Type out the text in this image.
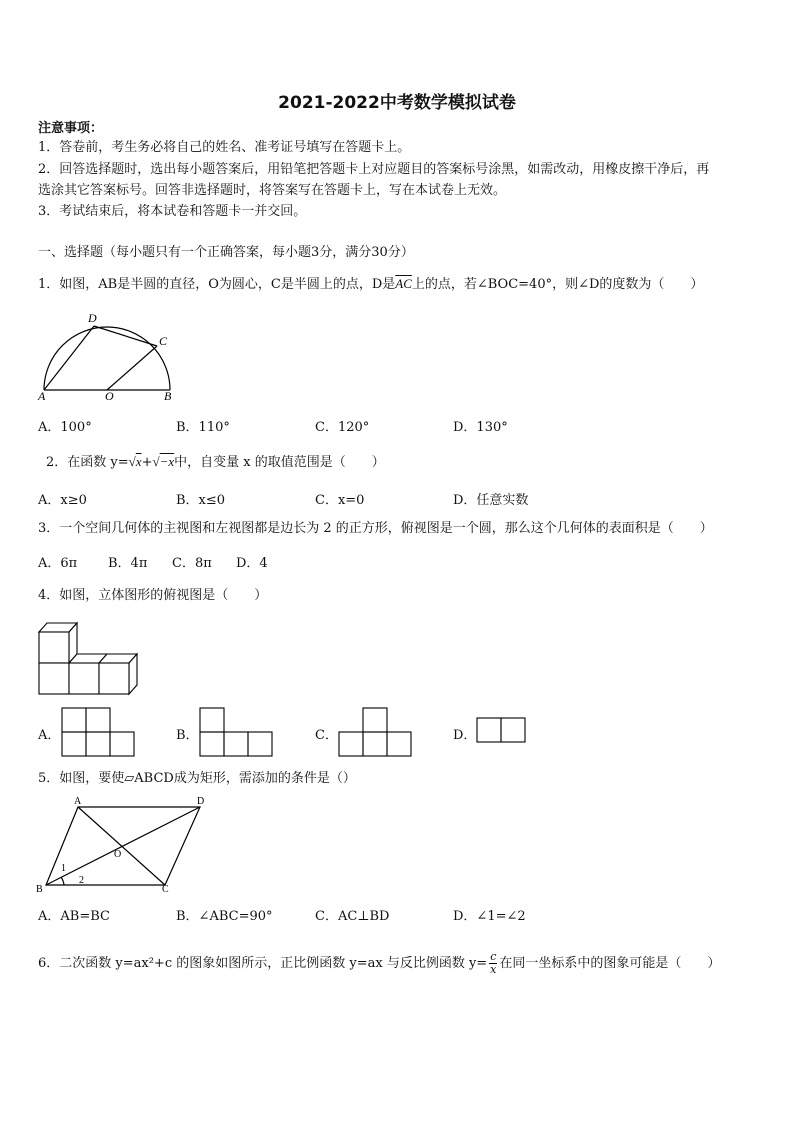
2021-2022中考数学模拟试卷
注意事项：
1．答卷前，考生务必将自己的姓名、准考证号填写在答题卡上。
2．回答选择题时，选出每小题答案后，用铅笔把答题卡上对应题目的答案标号涂黑，如需改动，用橡皮擦干净后，再
选涂其它答案标号。回答非选择题时，将答案写在答题卡上，写在本试卷上无效。
3．考试结束后，将本试卷和答题卡一并交回。
一、选择题（每小题只有一个正确答案，每小题3分，满分30分）
1．如图，AB是半圆的直径，O为圆心，C是半圆上的点，D是$\overline{AC}$上的点，若∠BOC=40°，则∠D的度数为（　　）
D
C
A	O	B
A．100°	B．110°	C．120°	D．130°
2．在函数 y=√x+√−x中，自变量 x 的取值范围是（　　）
A．x≥0	B．x≤0	C．x=0	D．任意实数
3．一个空间几何体的主视图和左视图都是边长为 2 的正方形，俯视图是一个圆，那么这个几何体的表面积是（　　）
A．6π B．4π C．8π D．4
4．如图，立体图形的俯视图是（　　）
A．	B．	C．	D．
5．如图，要使▱ABCD成为矩形，需添加的条件是（）
A	D
O
1
2
B	C
A．AB=BC	B．∠ABC=90°	C．AC⊥BD	D．∠1=∠2
6．二次函数 y=ax²+c 的图象如图所示，正比例函数 y=ax 与反比例函数 $y= \frac{c}{x}$ 在同一坐标系中的图象可能是（　　）
